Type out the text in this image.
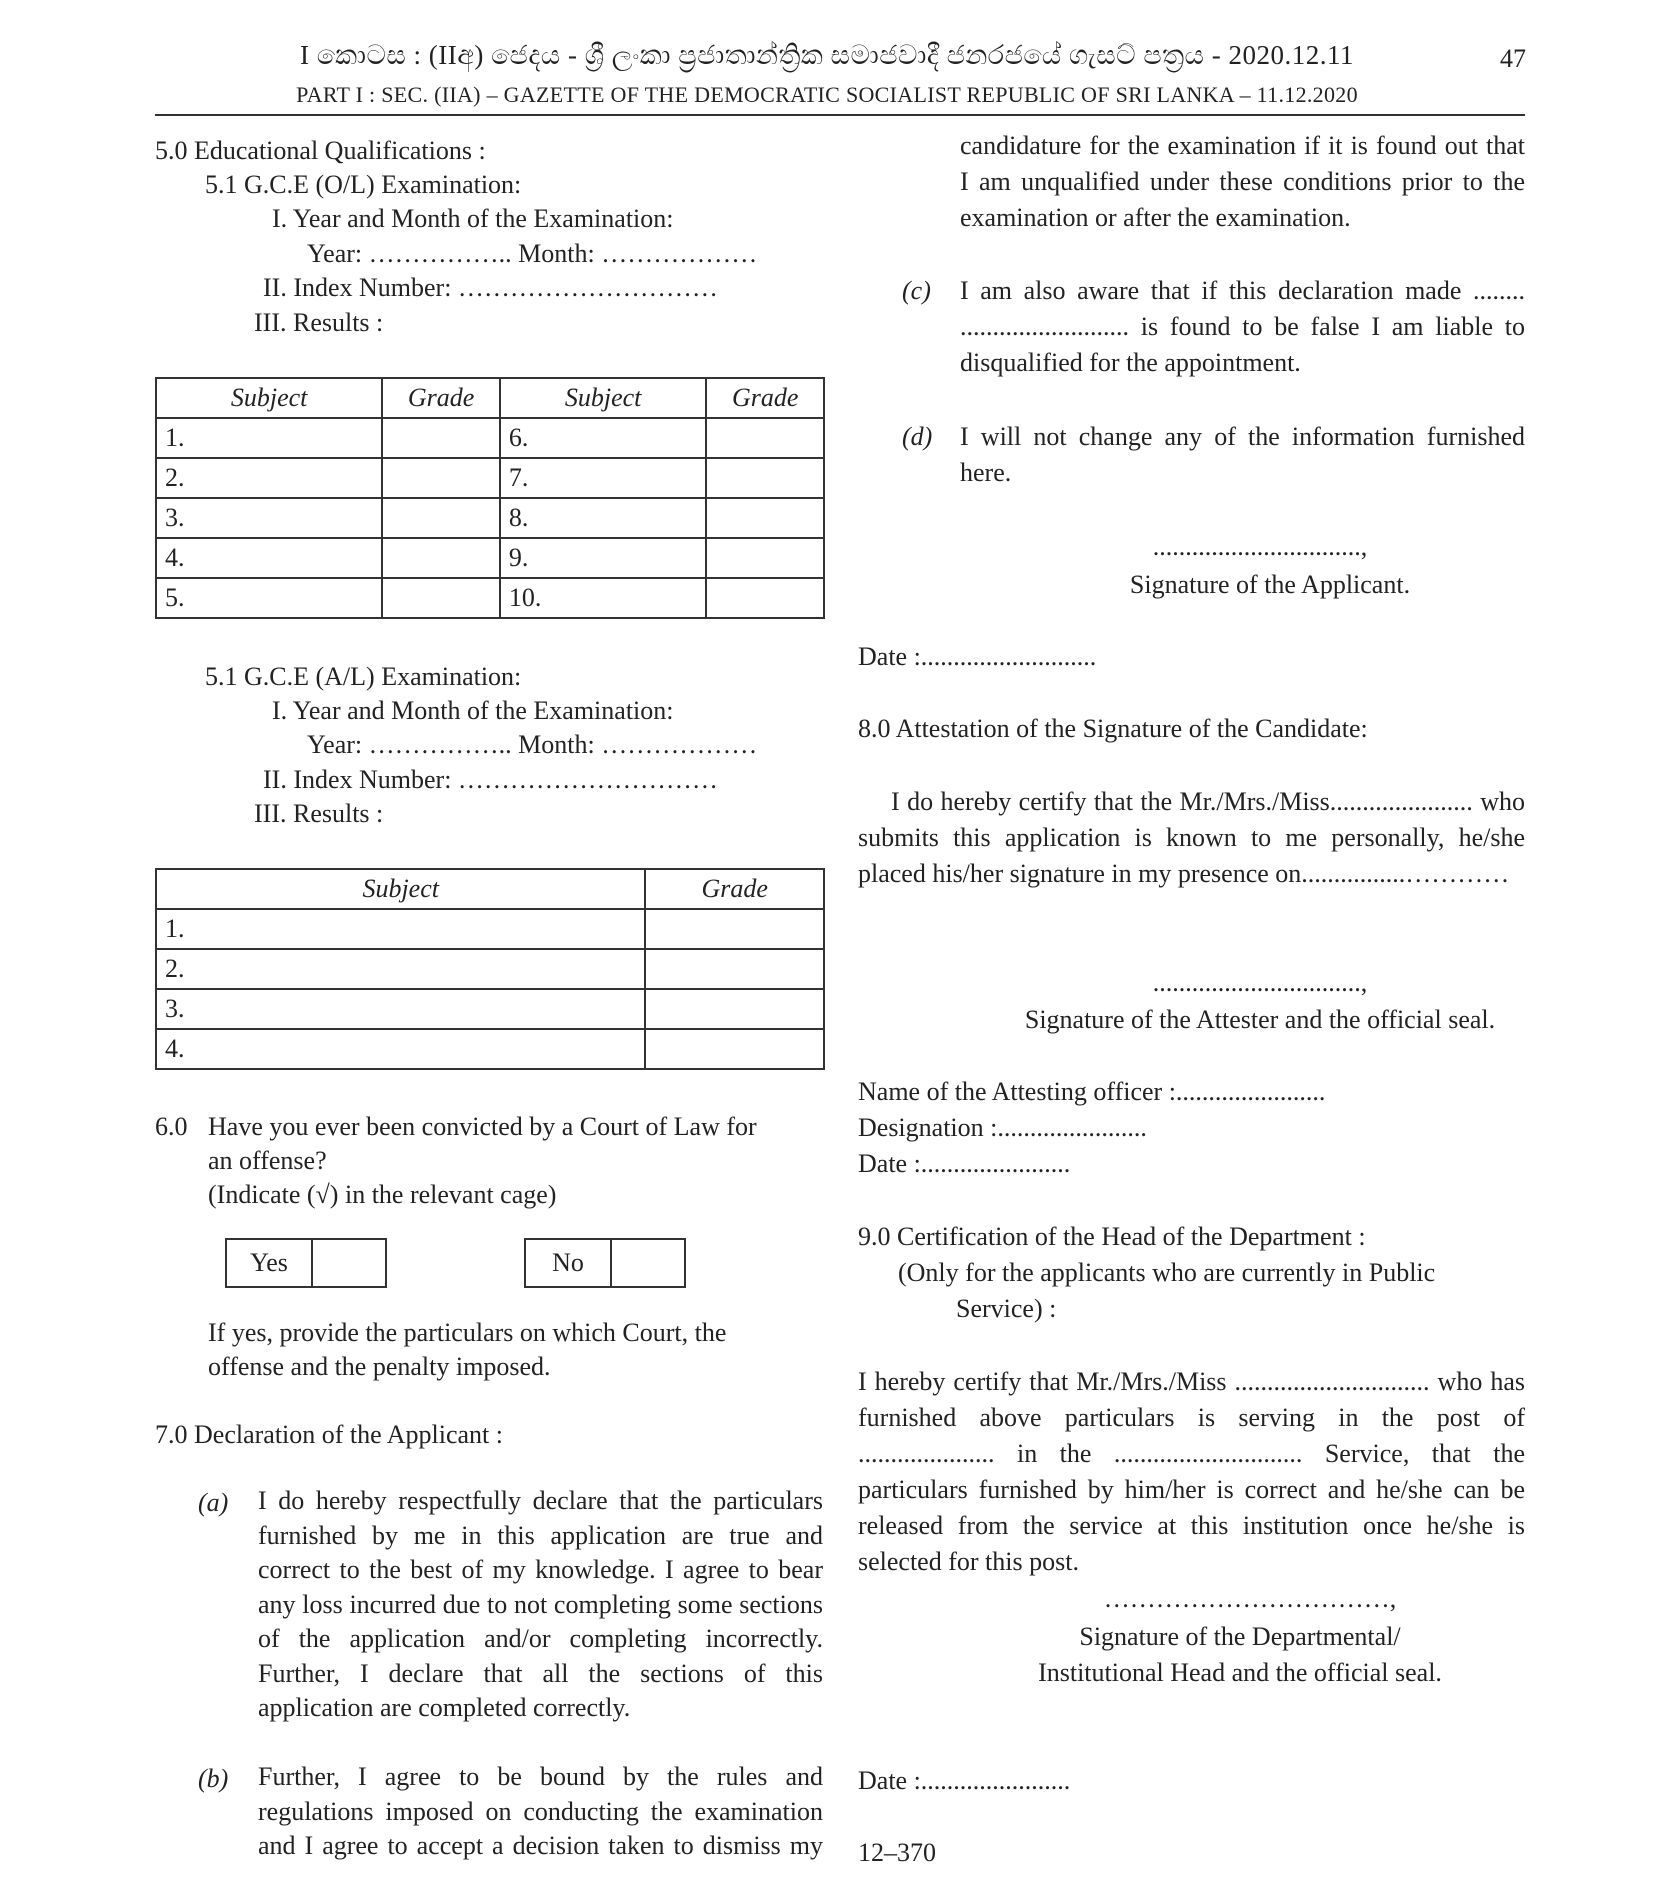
I කොටස : (IIඅ) ජෙදය - ශ්‍රී ලංකා ප්‍රජාතාන්ත්‍රික සමාජවාදී ජනරජයේ ගැසට් පත්‍රය - 2020.12.11	47
PART I : SEC. (IIA) – GAZETTE OF THE DEMOCRATIC SOCIALIST REPUBLIC OF SRI LANKA – 11.12.2020
5.0 Educational Qualifications :
5.1 G.C.E (O/L) Examination:
I. Year and Month of the Examination:
Year: …………….. Month: ………………
II. Index Number: …………………………
III. Results :
Subject	Grade	Subject	Grade
1.		6.	
2.		7.	
3.		8.	
4.		9.	
5.		10.	
5.1 G.C.E (A/L) Examination:
I. Year and Month of the Examination:
Year: …………….. Month: ………………
II. Index Number: …………………………
III. Results :
Subject	Grade
1.	
2.	
3.	
4.	
6.0 Have you ever been convicted by a Court of Law for
an offense?
(Indicate (√) in the relevant cage)
Yes	No
If yes, provide the particulars on which Court, the
offense and the penalty imposed.
7.0 Declaration of the Applicant :
(a) I do hereby respectfully declare that the particulars furnished by me in this application are true and correct to the best of my knowledge. I agree to bear any loss incurred due to not completing some sections of the application and/or completing incorrectly. Further, I declare that all the sections of this application are completed correctly.
(b) Further, I agree to be bound by the rules and regulations imposed on conducting the examination and I agree to accept a decision taken to dismiss my
candidature for the examination if it is found out that I am unqualified under these conditions prior to the examination or after the examination.
(c) I am also aware that if this declaration made ........ .......................... is found to be false I am liable to disqualified for the appointment.
(d) I will not change any of the information furnished here.
................................,
Signature of the Applicant.
Date :...........................
8.0 Attestation of the Signature of the Candidate:
I do hereby certify that the Mr./Mrs./Miss...................... who submits this application is known to me personally, he/she placed his/her signature in my presence on................…………
................................,
Signature of the Attester and the official seal.
Name of the Attesting officer :.......................
Designation :.......................
Date :.......................
9.0 Certification of the Head of the Department :
(Only for the applicants who are currently in Public
Service) :
I hereby certify that Mr./Mrs./Miss .............................. who has furnished above particulars is serving in the post of ..................... in the ............................. Service, that the particulars furnished by him/her is correct and he/she can be released from the service at this institution once he/she is selected for this post.
……………………………,
Signature of the Departmental/
Institutional Head and the official seal.
Date :.......................
12–370
